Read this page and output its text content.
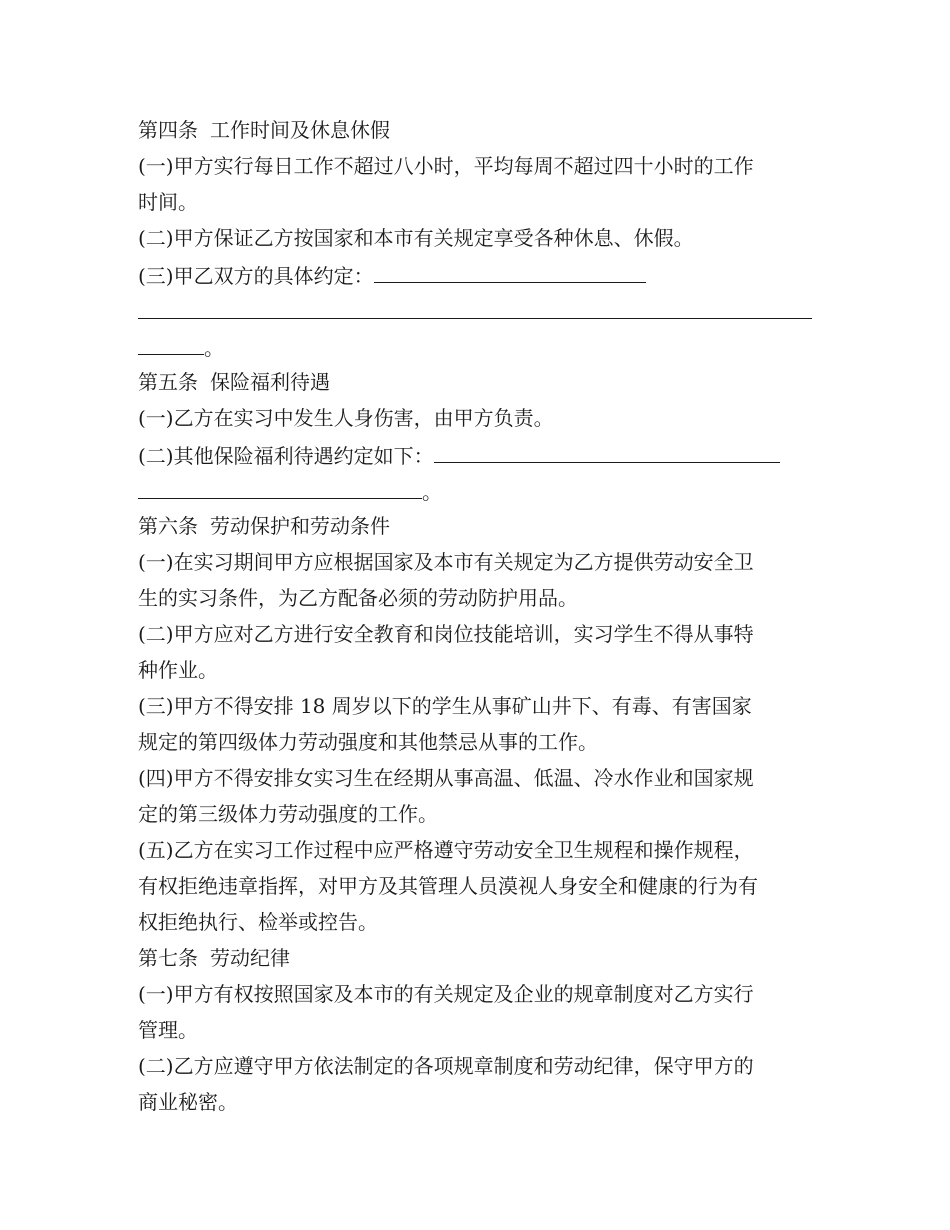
第四条 工作时间及休息休假
(一)甲方实行每日工作不超过八小时，平均每周不超过四十小时的工作
时间。
(二)甲方保证乙方按国家和本市有关规定享受各种休息、休假。
(三)甲乙双方的具体约定：
。
第五条 保险福利待遇
(一)乙方在实习中发生人身伤害，由甲方负责。
(二)其他保险福利待遇约定如下：
。
第六条 劳动保护和劳动条件
(一)在实习期间甲方应根据国家及本市有关规定为乙方提供劳动安全卫
生的实习条件，为乙方配备必须的劳动防护用品。
(二)甲方应对乙方进行安全教育和岗位技能培训，实习学生不得从事特
种作业。
(三)甲方不得安排 18 周岁以下的学生从事矿山井下、有毒、有害国家
规定的第四级体力劳动强度和其他禁忌从事的工作。
(四)甲方不得安排女实习生在经期从事高温、低温、冷水作业和国家规
定的第三级体力劳动强度的工作。
(五)乙方在实习工作过程中应严格遵守劳动安全卫生规程和操作规程，
有权拒绝违章指挥，对甲方及其管理人员漠视人身安全和健康的行为有
权拒绝执行、检举或控告。
第七条 劳动纪律
(一)甲方有权按照国家及本市的有关规定及企业的规章制度对乙方实行
管理。
(二)乙方应遵守甲方依法制定的各项规章制度和劳动纪律，保守甲方的
商业秘密。
